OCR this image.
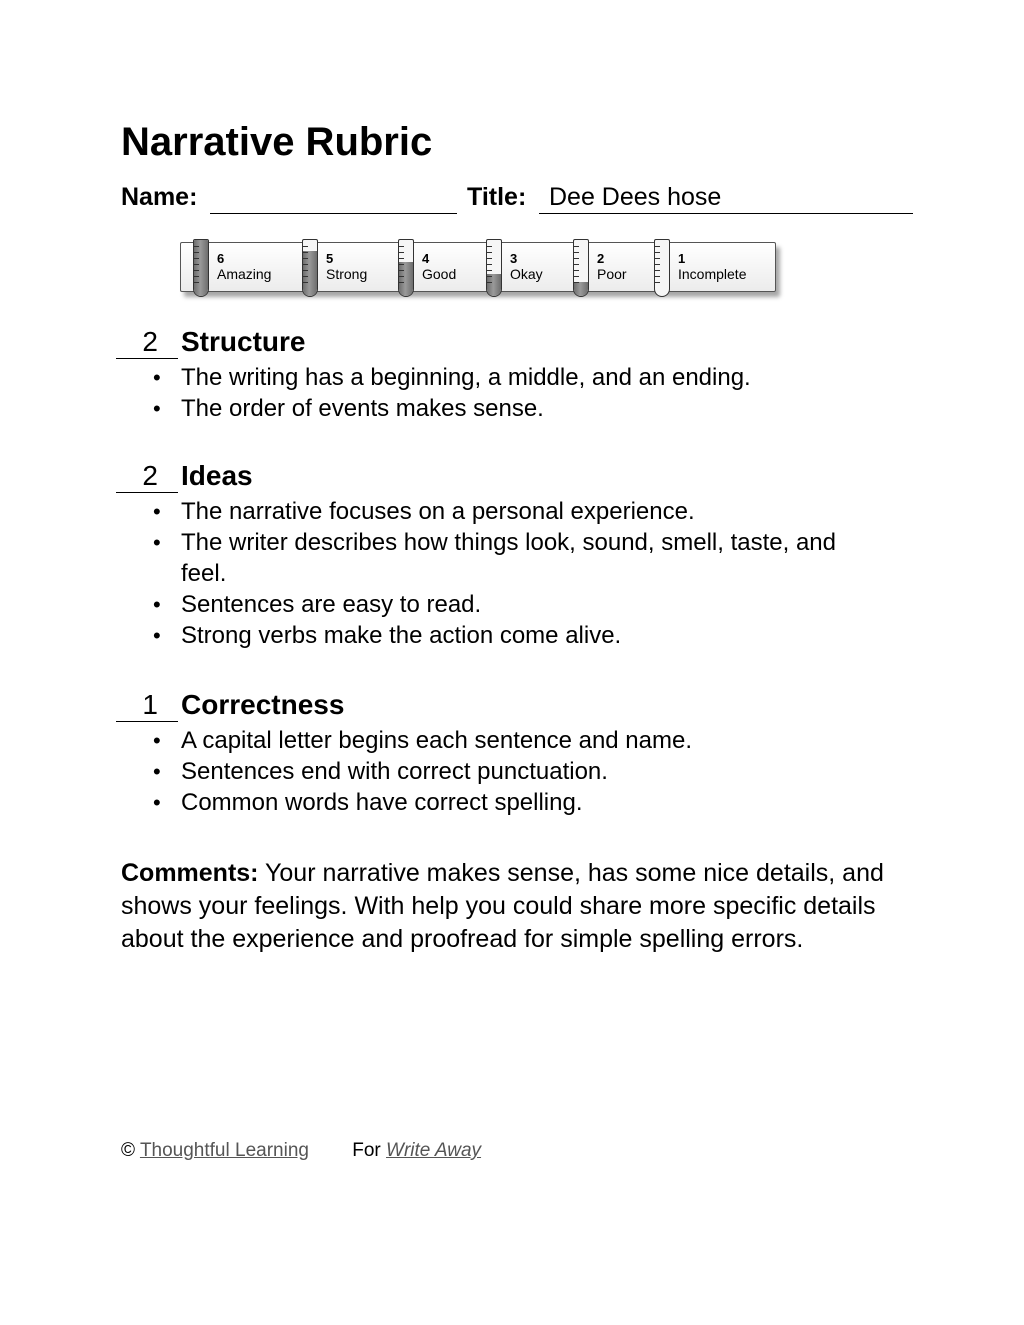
Narrative Rubric
Name:	Title: Dee Dees hose
6
Amazing
5
Strong
4
Good
3
Okay
2
Poor
1
Incomplete
2 Structure
• The writing has a beginning, a middle, and an ending.
• The order of events makes sense.
2 Ideas
• The narrative focuses on a personal experience.
• The writer describes how things look, sound, smell, taste, and feel.
• Sentences are easy to read.
• Strong verbs make the action come alive.
1 Correctness
• A capital letter begins each sentence and name.
• Sentences end with correct punctuation.
• Common words have correct spelling.

Comments: Your narrative makes sense, has some nice details, and shows your feelings. With help you could share more specific details about the experience and proofread for simple spelling errors.

© Thoughtful Learning For Write Away
